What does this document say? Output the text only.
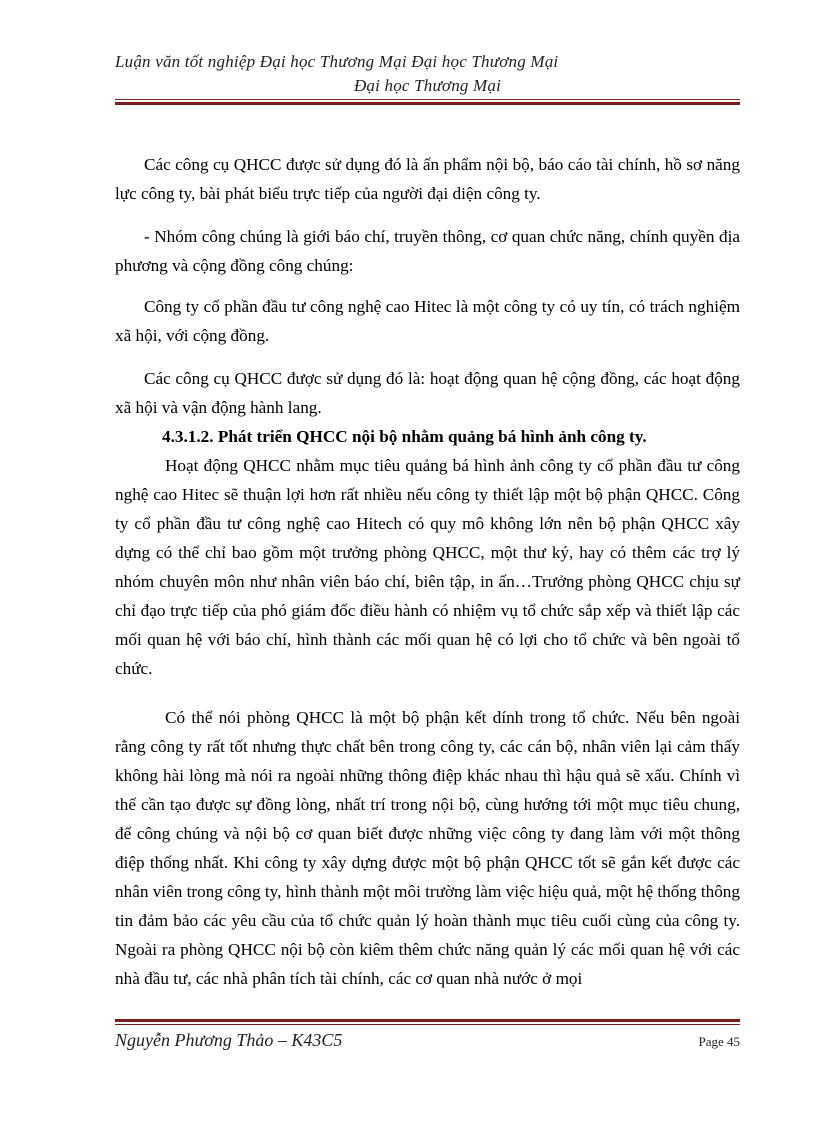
Luận văn tốt nghiệp Đại học Thương Mại Đại học Thương Mại
Đại học Thương Mại

Các công cụ QHCC được sử dụng đó là ấn phẩm nội bộ, báo cáo tài chính, hồ sơ năng lực công ty, bài phát biểu trực tiếp của người đại diện công ty.

- Nhóm công chúng là giới báo chí, truyền thông, cơ quan chức năng, chính quyền địa phương và cộng đồng công chúng:

Công ty cổ phần đầu tư công nghệ cao Hitec là một công ty có uy tín, có trách nghiệm xã hội, với cộng đồng.

Các công cụ QHCC được sử dụng đó là: hoạt động quan hệ cộng đồng, các hoạt động xã hội và vận động hành lang.

4.3.1.2. Phát triển QHCC nội bộ nhằm quảng bá hình ảnh công ty.

Hoạt động QHCC nhằm mục tiêu quảng bá hình ảnh công ty cổ phần đầu tư công nghệ cao Hitec sẽ thuận lợi hơn rất nhiều nếu công ty thiết lập một bộ phận QHCC. Công ty cổ phần đầu tư công nghệ cao Hitech có quy mô không lớn nên bộ phận QHCC xây dựng có thể chỉ bao gồm một trưởng phòng QHCC, một thư ký, hay có thêm các trợ lý nhóm chuyên môn như nhân viên báo chí, biên tập, in ấn…Trưởng phòng QHCC chịu sự chỉ đạo trực tiếp của phó giám đốc điều hành có nhiệm vụ tổ chức sắp xếp và thiết lập các mối quan hệ với báo chí, hình thành các mối quan hệ có lợi cho tổ chức và bên ngoài tổ chức.

Có thể nói phòng QHCC là một bộ phận kết dính trong tổ chức. Nếu bên ngoài rằng công ty rất tốt nhưng thực chất bên trong công ty, các cán bộ, nhân viên lại cảm thấy không hài lòng mà nói ra ngoài những thông điệp khác nhau thì hậu quả sẽ xấu. Chính vì thế cần tạo được sự đồng lòng, nhất trí trong nội bộ, cùng hướng tới một mục tiêu chung, để công chúng và nội bộ cơ quan biết được những việc công ty đang làm với một thông điệp thống nhất. Khi công ty xây dựng được một bộ phận QHCC tốt sẽ gắn kết được các nhân viên trong công ty, hình thành một môi trường làm việc hiệu quả, một hệ thống thông tin đảm bảo các yêu cầu của tổ chức quản lý hoàn thành mục tiêu cuối cùng của công ty. Ngoài ra phòng QHCC nội bộ còn kiêm thêm chức năng quản lý các mối quan hệ với các nhà đầu tư, các nhà phân tích tài chính, các cơ quan nhà nước ở mọi

Nguyễn Phương Thảo – K43C5	Page 45
